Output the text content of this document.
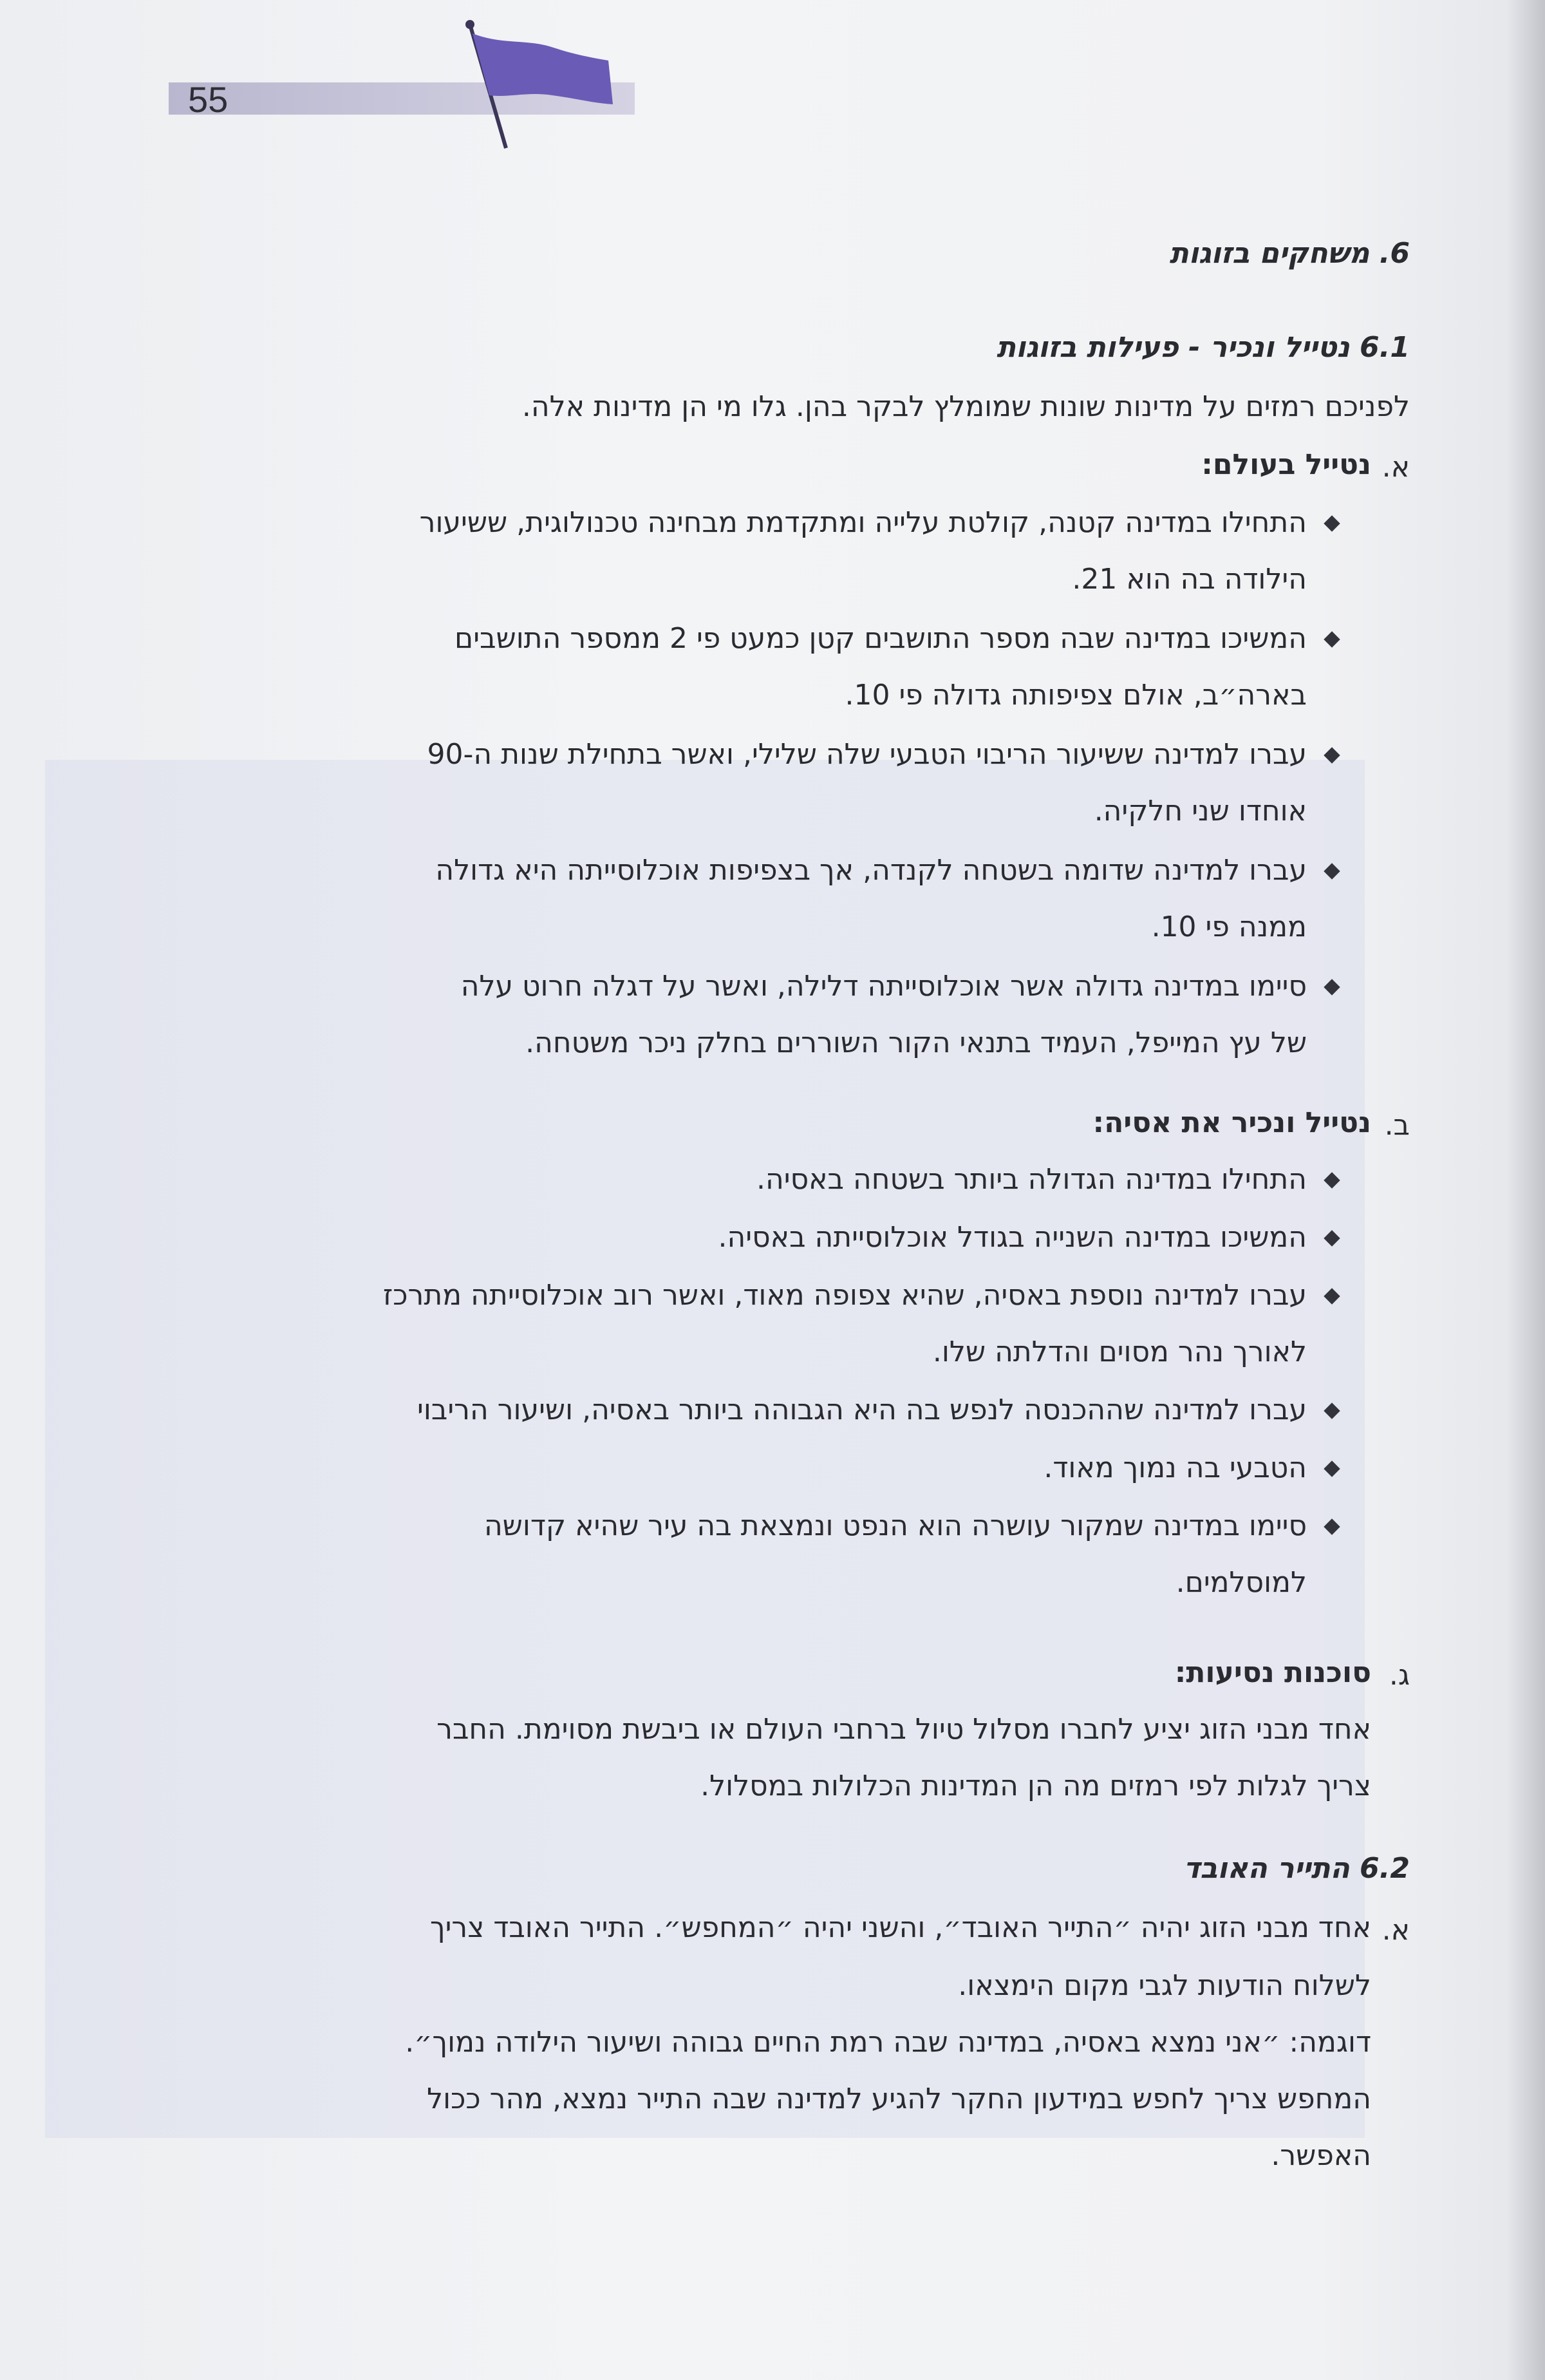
55
6. משחקים בזוגות
6.1 נטייל ונכיר - פעילות בזוגות
לפניכם רמזים על מדינות שונות שמומלץ לבקר בהן. גלו מי הן מדינות אלה.
א.
נטייל בעולם:
התחילו במדינה קטנה, קולטת עלייה ומתקדמת מבחינה טכנולוגית, ששיעור
הילודה בה הוא 21.
המשיכו במדינה שבה מספר התושבים קטן כמעט פי 2 ממספר התושבים
בארה״ב, אולם צפיפותה גדולה פי 10.
עברו למדינה ששיעור הריבוי הטבעי שלה שלילי, ואשר בתחילת שנות ה-90
אוחדו שני חלקיה.
עברו למדינה שדומה בשטחה לקנדה, אך בצפיפות אוכלוסייתה היא גדולה
ממנה פי 10.
סיימו במדינה גדולה אשר אוכלוסייתה דלילה, ואשר על דגלה חרוט עלה
של עץ המייפל, העמיד בתנאי הקור השוררים בחלק ניכר משטחה.
ב.
נטייל ונכיר את אסיה:
התחילו במדינה הגדולה ביותר בשטחה באסיה.
המשיכו במדינה השנייה בגודל אוכלוסייתה באסיה.
עברו למדינה נוספת באסיה, שהיא צפופה מאוד, ואשר רוב אוכלוסייתה מתרכז
לאורך נהר מסוים והדלתה שלו.
עברו למדינה שההכנסה לנפש בה היא הגבוהה ביותר באסיה, ושיעור הריבוי
הטבעי בה נמוך מאוד.
סיימו במדינה שמקור עושרה הוא הנפט ונמצאת בה עיר שהיא קדושה
למוסלמים.
ג.
סוכנות נסיעות:
אחד מבני הזוג יציע לחברו מסלול טיול ברחבי העולם או ביבשת מסוימת. החבר
צריך לגלות לפי רמזים מה הן המדינות הכלולות במסלול.
6.2 התייר האובד
א.
אחד מבני הזוג יהיה ״התייר האובד״, והשני יהיה ״המחפש״. התייר האובד צריך
לשלוח הודעות לגבי מקום הימצאו.
דוגמה: ״אני נמצא באסיה, במדינה שבה רמת החיים גבוהה ושיעור הילודה נמוך״.
המחפש צריך לחפש במידעון החקר להגיע למדינה שבה התייר נמצא, מהר ככול
האפשר.
